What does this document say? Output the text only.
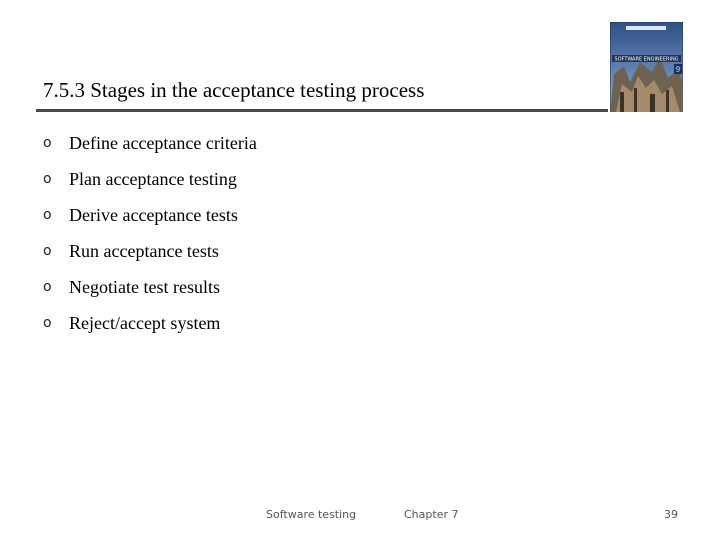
7.5.3 Stages in the acceptance testing process
SOFTWARE ENGINEERING
9
o Define acceptance criteria
o Plan acceptance testing
o Derive acceptance tests
o Run acceptance tests
o Negotiate test results
o Reject/accept system
Software testing	Chapter 7	39
